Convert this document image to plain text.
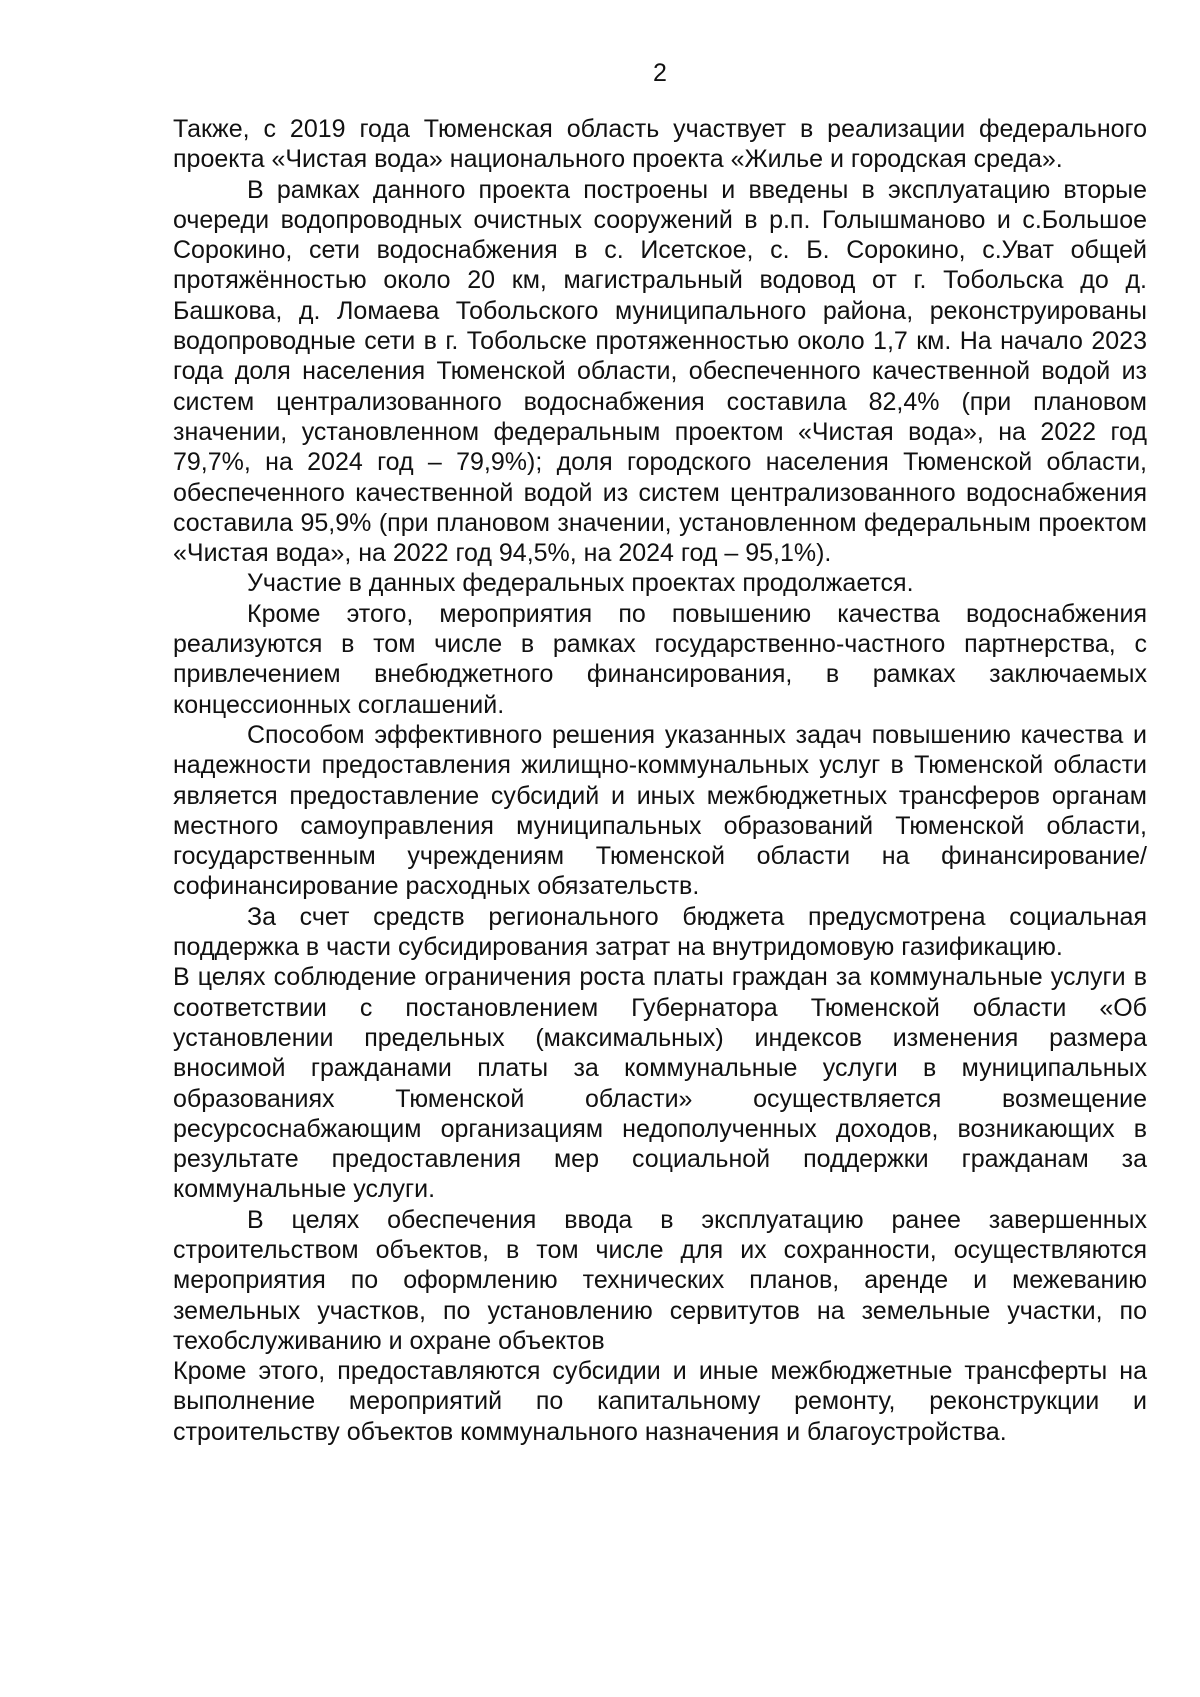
2

Также, с 2019 года Тюменская область участвует в реализации федерального проекта «Чистая вода» национального проекта «Жилье и городская среда».

В рамках данного проекта построены и введены в эксплуатацию вторые очереди водопроводных очистных сооружений в р.п. Голышманово и с.Большое Сорокино, сети водоснабжения в с. Исетское, с. Б. Сорокино, с.Уват общей протяжённостью около 20 км, магистральный водовод от г. Тобольска до д. Башкова, д. Ломаева Тобольского муниципального района, реконструированы водопроводные сети в г. Тобольске протяженностью около 1,7 км. На начало 2023 года доля населения Тюменской области, обеспеченного качественной водой из систем централизованного водоснабжения составила 82,4% (при плановом значении, установленном федеральным проектом «Чистая вода», на 2022 год 79,7%, на 2024 год – 79,9%); доля городского населения Тюменской области, обеспеченного качественной водой из систем централизованного водоснабжения составила 95,9% (при плановом значении, установленном федеральным проектом «Чистая вода», на 2022 год 94,5%, на 2024 год – 95,1%).

Участие в данных федеральных проектах продолжается.

Кроме этого, мероприятия по повышению качества водоснабжения реализуются в том числе в рамках государственно-частного партнерства, с привлечением внебюджетного финансирования, в рамках заключаемых концессионных соглашений.

Способом эффективного решения указанных задач повышению качества и надежности предоставления жилищно-коммунальных услуг в Тюменской области является предоставление субсидий и иных межбюджетных трансферов органам местного самоуправления муниципальных образований Тюменской области, государственным учреждениям Тюменской области на финансирование/софинансирование расходных обязательств.

За счет средств регионального бюджета предусмотрена социальная поддержка в части субсидирования затрат на внутридомовую газификацию.

В целях соблюдение ограничения роста платы граждан за коммунальные услуги в соответствии с постановлением Губернатора Тюменской области «Об установлении предельных (максимальных) индексов изменения размера вносимой гражданами платы за коммунальные услуги в муниципальных образованиях Тюменской области» осуществляется возмещение ресурсоснабжающим организациям недополученных доходов, возникающих в результате предоставления мер социальной поддержки гражданам за коммунальные услуги.

В целях обеспечения ввода в эксплуатацию ранее завершенных строительством объектов, в том числе для их сохранности, осуществляются мероприятия по оформлению технических планов, аренде и межеванию земельных участков, по установлению сервитутов на земельные участки, по техобслуживанию и охране объектов

Кроме этого, предоставляются субсидии и иные межбюджетные трансферты на выполнение мероприятий по капитальному ремонту, реконструкции и строительству объектов коммунального назначения и благоустройства.
